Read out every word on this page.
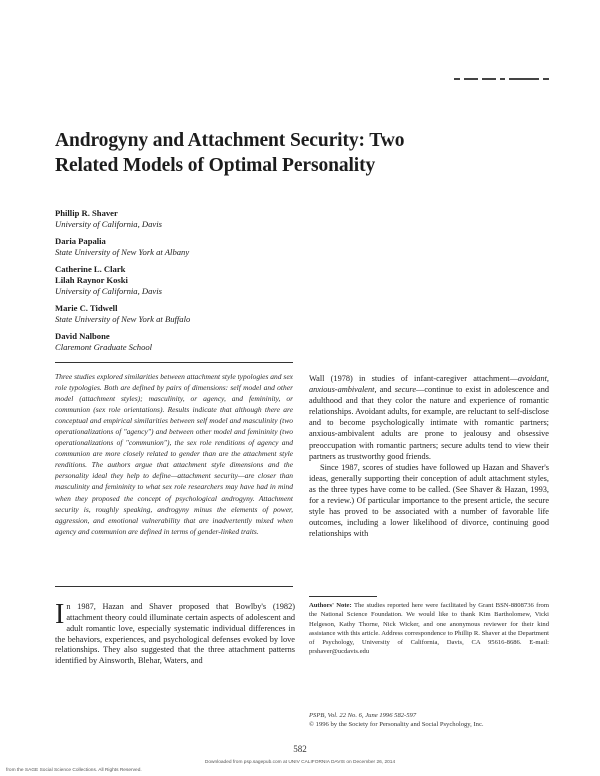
Androgyny and Attachment Security: Two
Related Models of Optimal Personality
Phillip R. Shaver
University of California, Davis
Daria Papalia
State University of New York at Albany
Catherine L. Clark
Lilah Raynor Koski
University of California, Davis
Marie C. Tidwell
State University of New York at Buffalo
David Nalbone
Claremont Graduate School
Three studies explored similarities between attachment style typologies and sex role typologies. Both are defined by pairs of dimensions: self model and other model (attachment styles); masculinity, or agency, and femininity, or communion (sex role orientations). Results indicate that although there are conceptual and empirical similarities between self model and masculinity (two operationalizations of "agency") and between other model and femininity (two operationalizations of "communion"), the sex role renditions of agency and communion are more closely related to gender than are the attachment style renditions. The authors argue that attachment style dimensions and the personality ideal they help to define—attachment security—are closer than masculinity and femininity to what sex role researchers may have had in mind when they proposed the concept of psychological androgyny. Attachment security is, roughly speaking, androgyny minus the elements of power, aggression, and emotional vulnerability that are inadvertently mixed when agency and communion are defined in terms of gender-linked traits.
In 1987, Hazan and Shaver proposed that Bowlby's (1982) attachment theory could illuminate certain aspects of adolescent and adult romantic love, especially systematic individual differences in the behaviors, experiences, and psychological defenses evoked by love relationships. They also suggested that the three attachment patterns identified by Ainsworth, Blehar, Waters, and

Wall (1978) in studies of infant-caregiver attachment—avoidant, anxious-ambivalent, and secure—continue to exist in adolescence and adulthood and that they color the nature and experience of romantic relationships. Avoidant adults, for example, are reluctant to self-disclose and to become psychologically intimate with romantic partners; anxious-ambivalent adults are prone to jealousy and obsessive preoccupation with romantic partners; secure adults tend to view their partners as trustworthy good friends.

Since 1987, scores of studies have followed up Hazan and Shaver's ideas, generally supporting their conception of adult attachment styles, as the three types have come to be called. (See Shaver & Hazan, 1993, for a review.) Of particular importance to the present article, the secure style has proved to be associated with a number of favorable life outcomes, including a lower likelihood of divorce, continuing good relationships with

Authors' Note: The studies reported here were facilitated by Grant BSN-8808736 from the National Science Foundation. We would like to thank Kim Bartholomew, Vicki Helgeson, Kathy Thorne, Nick Wicker, and one anonymous reviewer for their kind assistance with this article. Address correspondence to Phillip R. Shaver at the Department of Psychology, University of California, Davis, CA 95616-8686. E-mail: prshaver@ucdavis.edu
PSPB, Vol. 22 No. 6, June 1996 582-597
© 1996 by the Society for Personality and Social Psychology, Inc.
582
Downloaded from psp.sagepub.com at UNIV CALIFORNIA DAVIS on December 26, 2014
from the SAGE Social Science Collections. All Rights Reserved.
